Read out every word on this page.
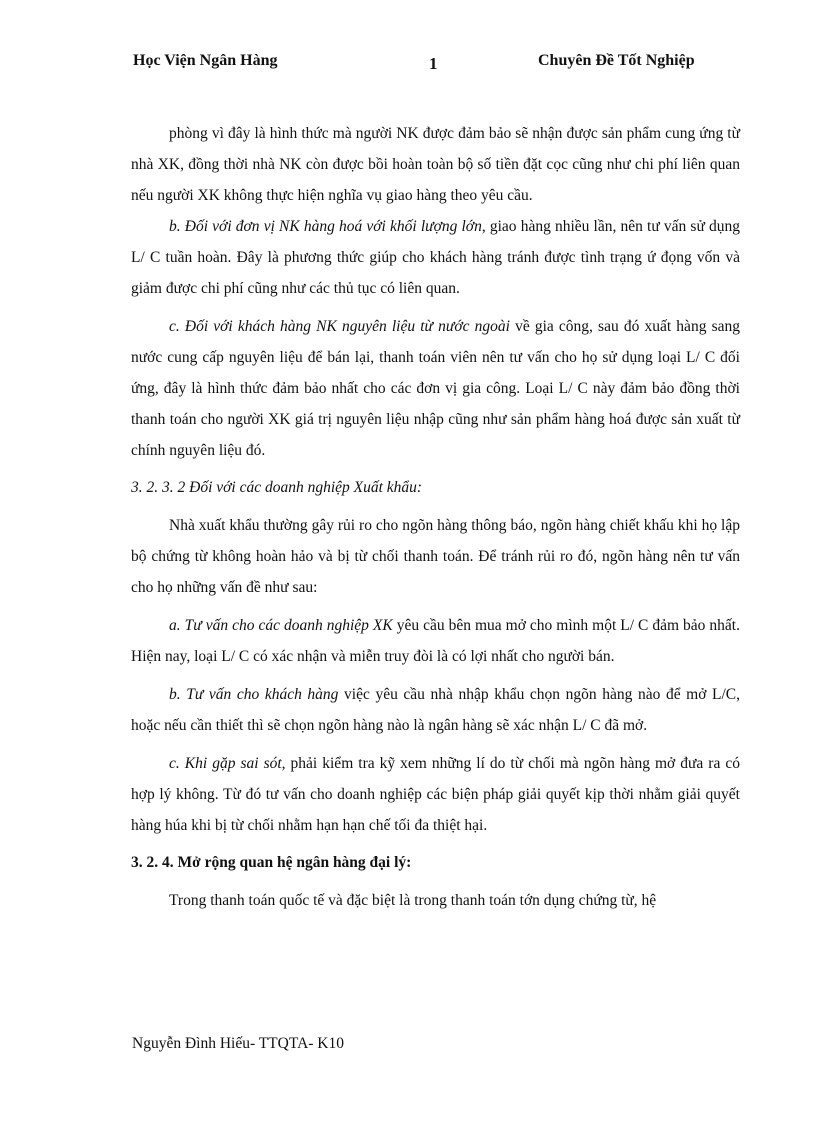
Học Viện Ngân Hàng	1	Chuyên Đề Tốt Nghiệp

phòng vì đây là hình thức mà người NK được đảm bảo sẽ nhận được sản phẩm cung ứng từ nhà XK, đồng thời nhà NK còn được bồi hoàn toàn bộ số tiền đặt cọc cũng như chi phí liên quan nếu người XK không thực hiện nghĩa vụ giao hàng theo yêu cầu.

b. Đối với đơn vị NK hàng hoá với khối lượng lớn, giao hàng nhiều lần, nên tư vấn sử dụng L/ C tuần hoàn. Đây là phương thức giúp cho khách hàng tránh được tình trạng ứ đọng vốn và giảm được chi phí cũng như các thủ tục có liên quan.

c. Đối với khách hàng NK nguyên liệu từ nước ngoài về gia công, sau đó xuất hàng sang nước cung cấp nguyên liệu để bán lại, thanh toán viên nên tư vấn cho họ sử dụng loại L/ C đối ứng, đây là hình thức đảm bảo nhất cho các đơn vị gia công. Loại L/ C này đảm bảo đồng thời thanh toán cho người XK giá trị nguyên liệu nhập cũng như sản phẩm hàng hoá được sản xuất từ chính nguyên liệu đó.

3. 2. 3. 2 Đối với các doanh nghiệp Xuất khẩu:

Nhà xuất khẩu thường gây rủi ro cho ngõn hàng thông báo, ngõn hàng chiết khấu khi họ lập bộ chứng từ không hoàn hảo và bị từ chối thanh toán. Để tránh rủi ro đó, ngõn hàng nên tư vấn cho họ những vấn đề như sau:

a. Tư vấn cho các doanh nghiệp XK yêu cầu bên mua mở cho mình một L/ C đảm bảo nhất. Hiện nay, loại L/ C có xác nhận và miễn truy đòi là có lợi nhất cho người bán.

b. Tư vấn cho khách hàng việc yêu cầu nhà nhập khẩu chọn ngõn hàng nào để mở L/C, hoặc nếu cần thiết thì sẽ chọn ngõn hàng nào là ngân hàng sẽ xác nhận L/ C đã mở.

c. Khi gặp sai sót, phải kiểm tra kỹ xem những lí do từ chối mà ngõn hàng mở đưa ra có hợp lý không. Từ đó tư vấn cho doanh nghiệp các biện pháp giải quyết kịp thời nhằm giải quyết hàng húa khi bị từ chối nhằm hạn hạn chế tối đa thiệt hại.

3. 2. 4. Mở rộng quan hệ ngân hàng đại lý:

Trong thanh toán quốc tế và đặc biệt là trong thanh toán tớn dụng chứng từ, hệ

Nguyễn Đình Hiếu- TTQTA- K10
